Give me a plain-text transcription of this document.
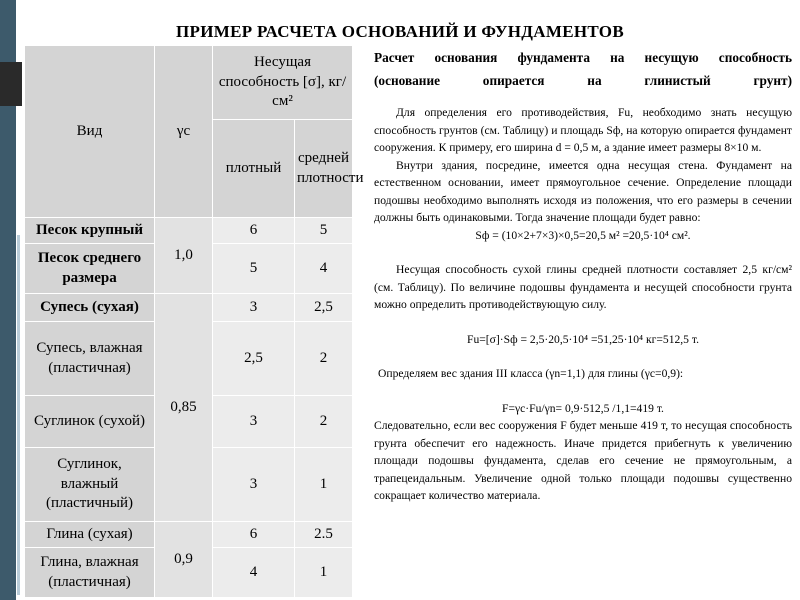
ПРИМЕР РАСЧЕТА ОСНОВАНИЙ И ФУНДАМЕНТОВ
Вид	γс	Несущая способность [σ], кг/см²	
		плотный	средней плотности
Песок крупный	1,0	6	5
Песок среднего размера		5	4
Супесь (сухая)	0,85	3	2,5
Супесь, влажная (пластичная)		2,5	2
Суглинок (сухой)		3	2
Суглинок, влажный (пластичный)		3	1
Глина (сухая)	0,9	6	2.5
Глина, влажная (пластичная)		4	1

Расчет основания фундамента на несущую способность
(основание опирается на глинистый грунт)

Для определения его противодействия, Fu, необходимо знать несущую способность грунтов (см. Таблицу) и площадь Sф, на которую опирается фундамент сооружения. К примеру, его ширина d = 0,5 м, а здание имеет размеры 8×10 м.

Внутри здания, посредине, имеется одна несущая стена. Фундамент на естественном основании, имеет прямоугольное сечение. Определение площади подошвы необходимо выполнять исходя из положения, что его размеры в сечении должны быть одинаковыми. Тогда значение площади будет равно:

Sф = (10×2+7×3)×0,5=20,5 м² =20,5·10⁴ см².

Несущая способность сухой глины средней плотности составляет 2,5 кг/см² (см. Таблицу). По величине подошвы фундамента и несущей способности грунта можно определить противодействующую силу.

Fu=[σ]·Sф = 2,5·20,5·10⁴ =51,25·10⁴ кг=512,5 т.

Определяем вес здания III класса (γn=1,1) для глины (γc=0,9):

F=γc·Fu/γn= 0,9·512,5 /1,1=419 т.

Следовательно, если вес сооружения F будет меньше 419 т, то несущая способность грунта обеспечит его надежность. Иначе придется прибегнуть к увеличению площади подошвы фундамента, сделав его сечение не прямоугольным, а трапецеидальным. Увеличение одной только площади подошвы существенно сокращает количество материала.
